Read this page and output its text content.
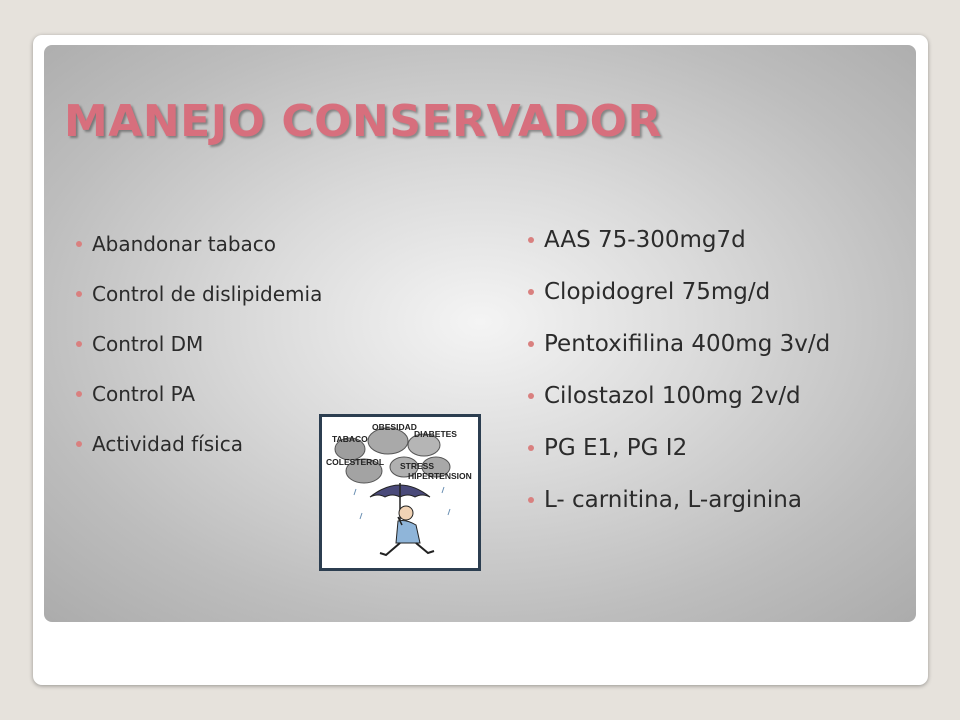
MANEJO CONSERVADOR
Abandonar tabaco
Control de dislipidemia
Control DM
Control PA
Actividad física
AAS 75-300mg7d
Clopidogrel 75mg/d
Pentoxifilina 400mg 3v/d
Cilostazol 100mg 2v/d
PG E1, PG I2
L- carnitina, L-arginina
OBESIDAD
DIABETES
TABACO
COLESTEROL STRESS
HIPERTENSION
